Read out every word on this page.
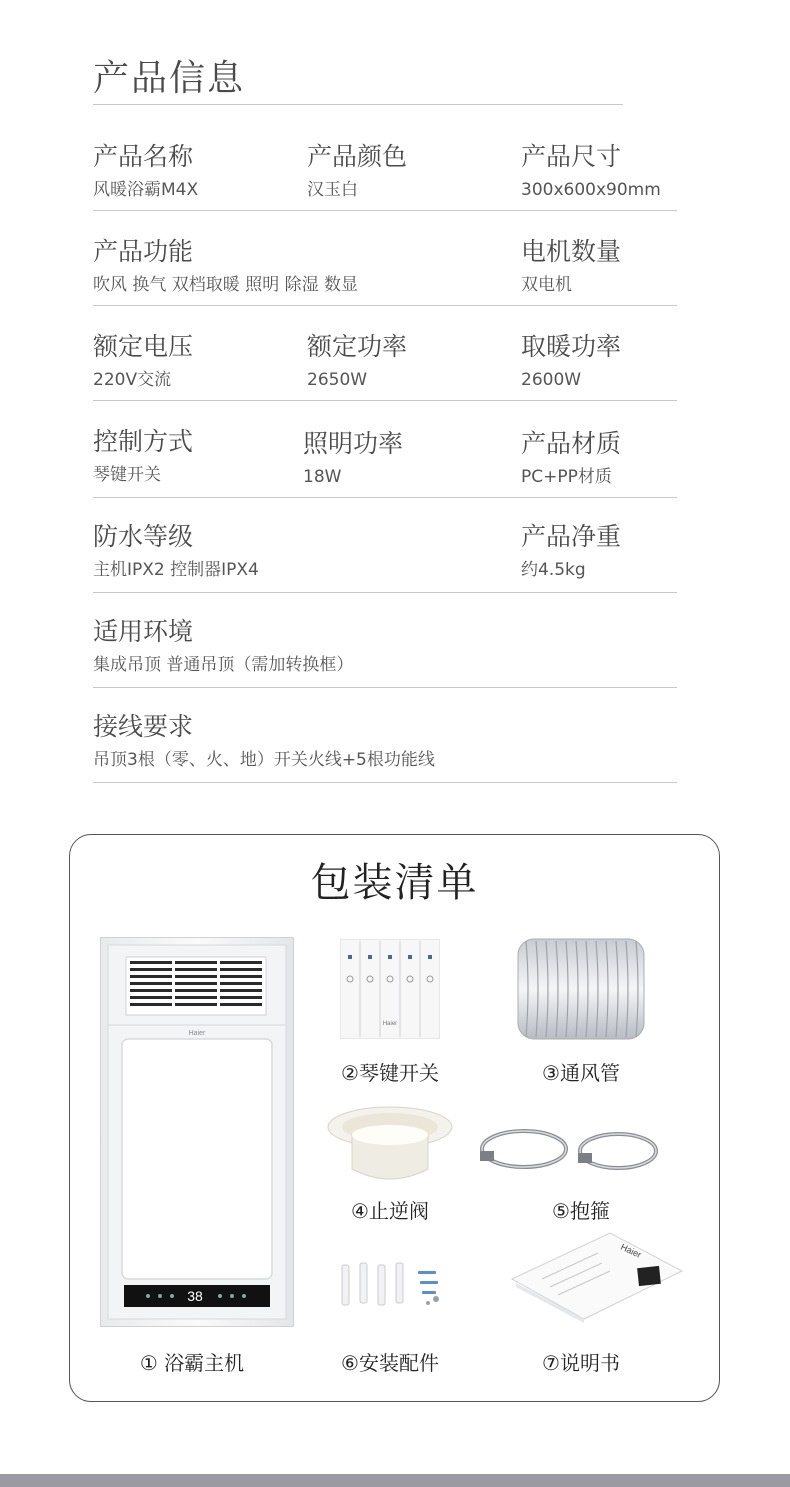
产品信息
产品名称
风暖浴霸M4X
产品颜色
汉玉白
产品尺寸
300x600x90mm
产品功能
吹风 换气 双档取暖 照明 除湿 数显
电机数量
双电机
额定电压
220V交流
额定功率
2650W
取暖功率
2600W
控制方式
琴键开关
照明功率
18W
产品材质
PC+PP材质
防水等级
主机IPX2 控制器IPX4
产品净重
约4.5kg
适用环境
集成吊顶 普通吊顶（需加转换框）
接线要求
吊顶3根（零、火、地）开关火线+5根功能线
包装清单
Haier
38
① 浴霸主机
Haier
②琴键开关	③通风管
④止逆阀	⑤抱箍
⑥安装配件
Haier
⑦说明书
